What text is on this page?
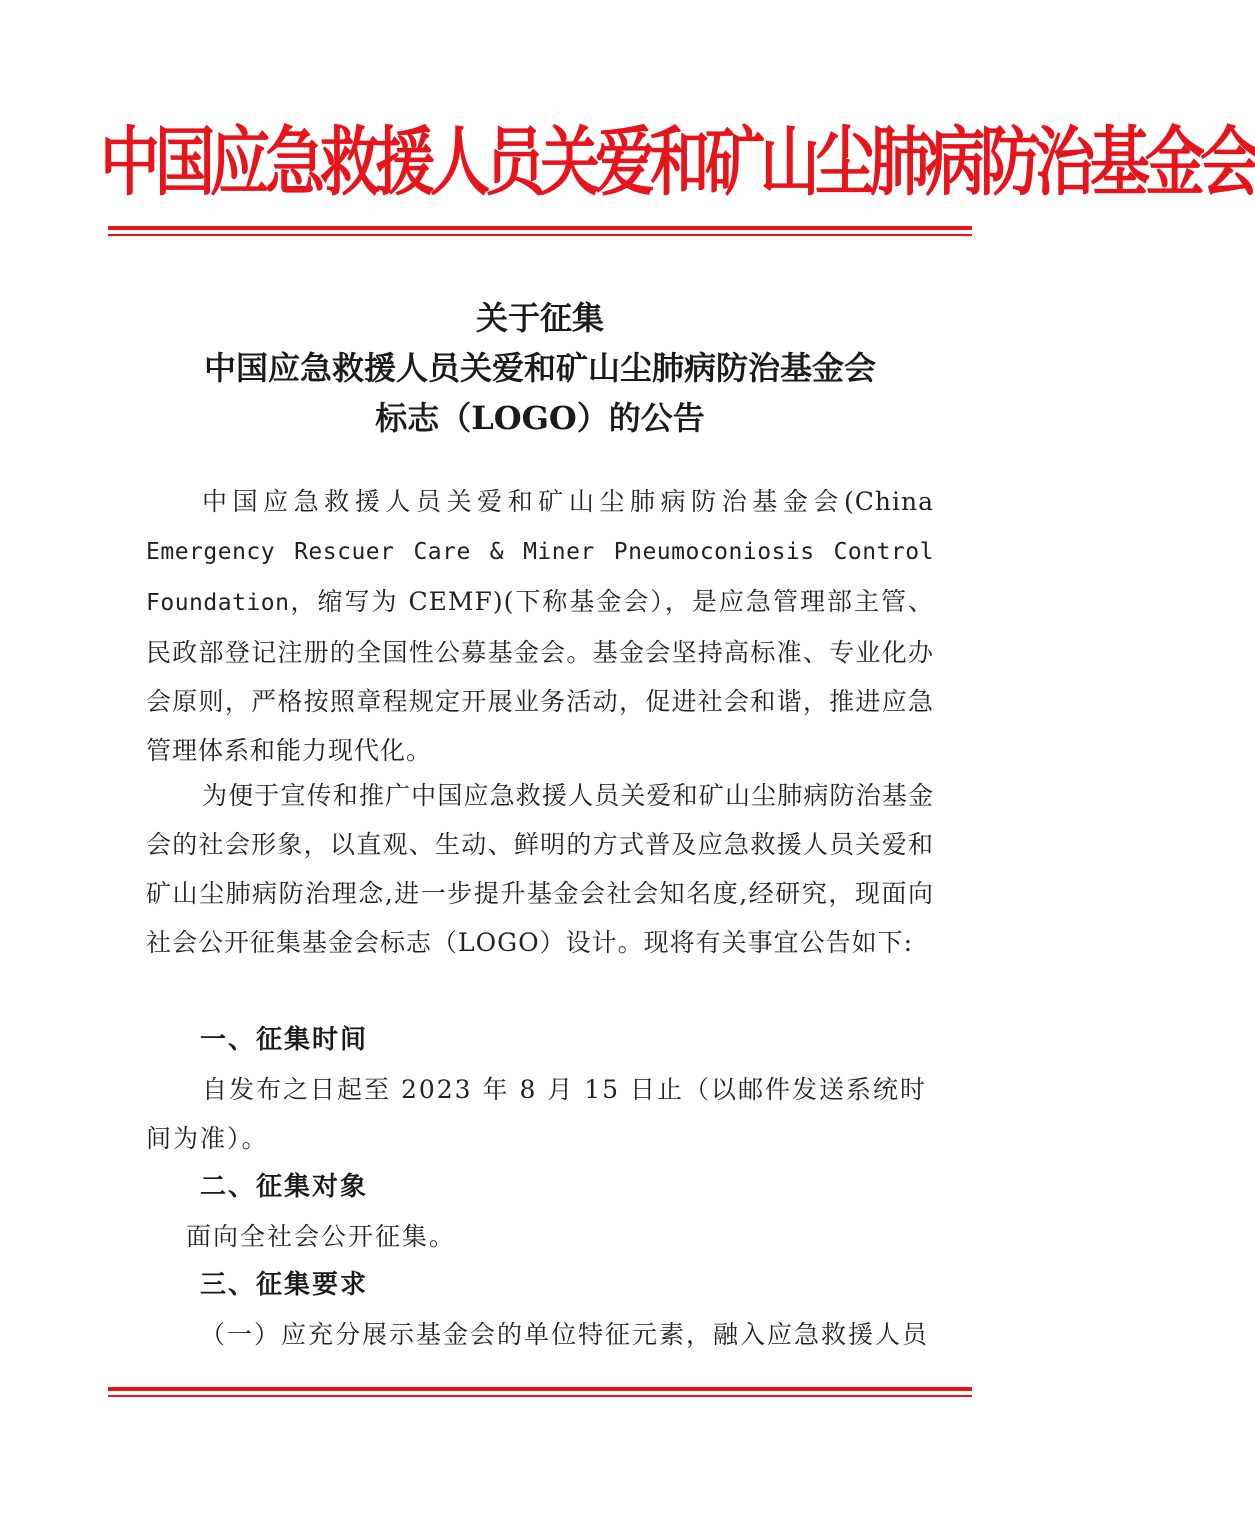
中国应急救援人员关爱和矿山尘肺病防治基金会
关于征集
中国应急救援人员关爱和矿山尘肺病防治基金会
标志（LOGO）的公告
中国应急救援人员关爱和矿山尘肺病防治基金会(China Emergency Rescuer Care & Miner Pneumoconiosis Control Foundation，缩写为 CEMF)(下称基金会），是应急管理部主管、民政部登记注册的全国性公募基金会。基金会坚持高标准、专业化办会原则，严格按照章程规定开展业务活动，促进社会和谐，推进应急管理体系和能力现代化。
为便于宣传和推广中国应急救援人员关爱和矿山尘肺病防治基金会的社会形象，以直观、生动、鲜明的方式普及应急救援人员关爱和矿山尘肺病防治理念,进一步提升基金会社会知名度,经研究，现面向社会公开征集基金会标志（LOGO）设计。现将有关事宜公告如下:
一、征集时间
自发布之日起至 2023 年 8 月 15 日止（以邮件发送系统时间为准）。
二、征集对象
面向全社会公开征集。
三、征集要求
（一）应充分展示基金会的单位特征元素，融入应急救援人员
